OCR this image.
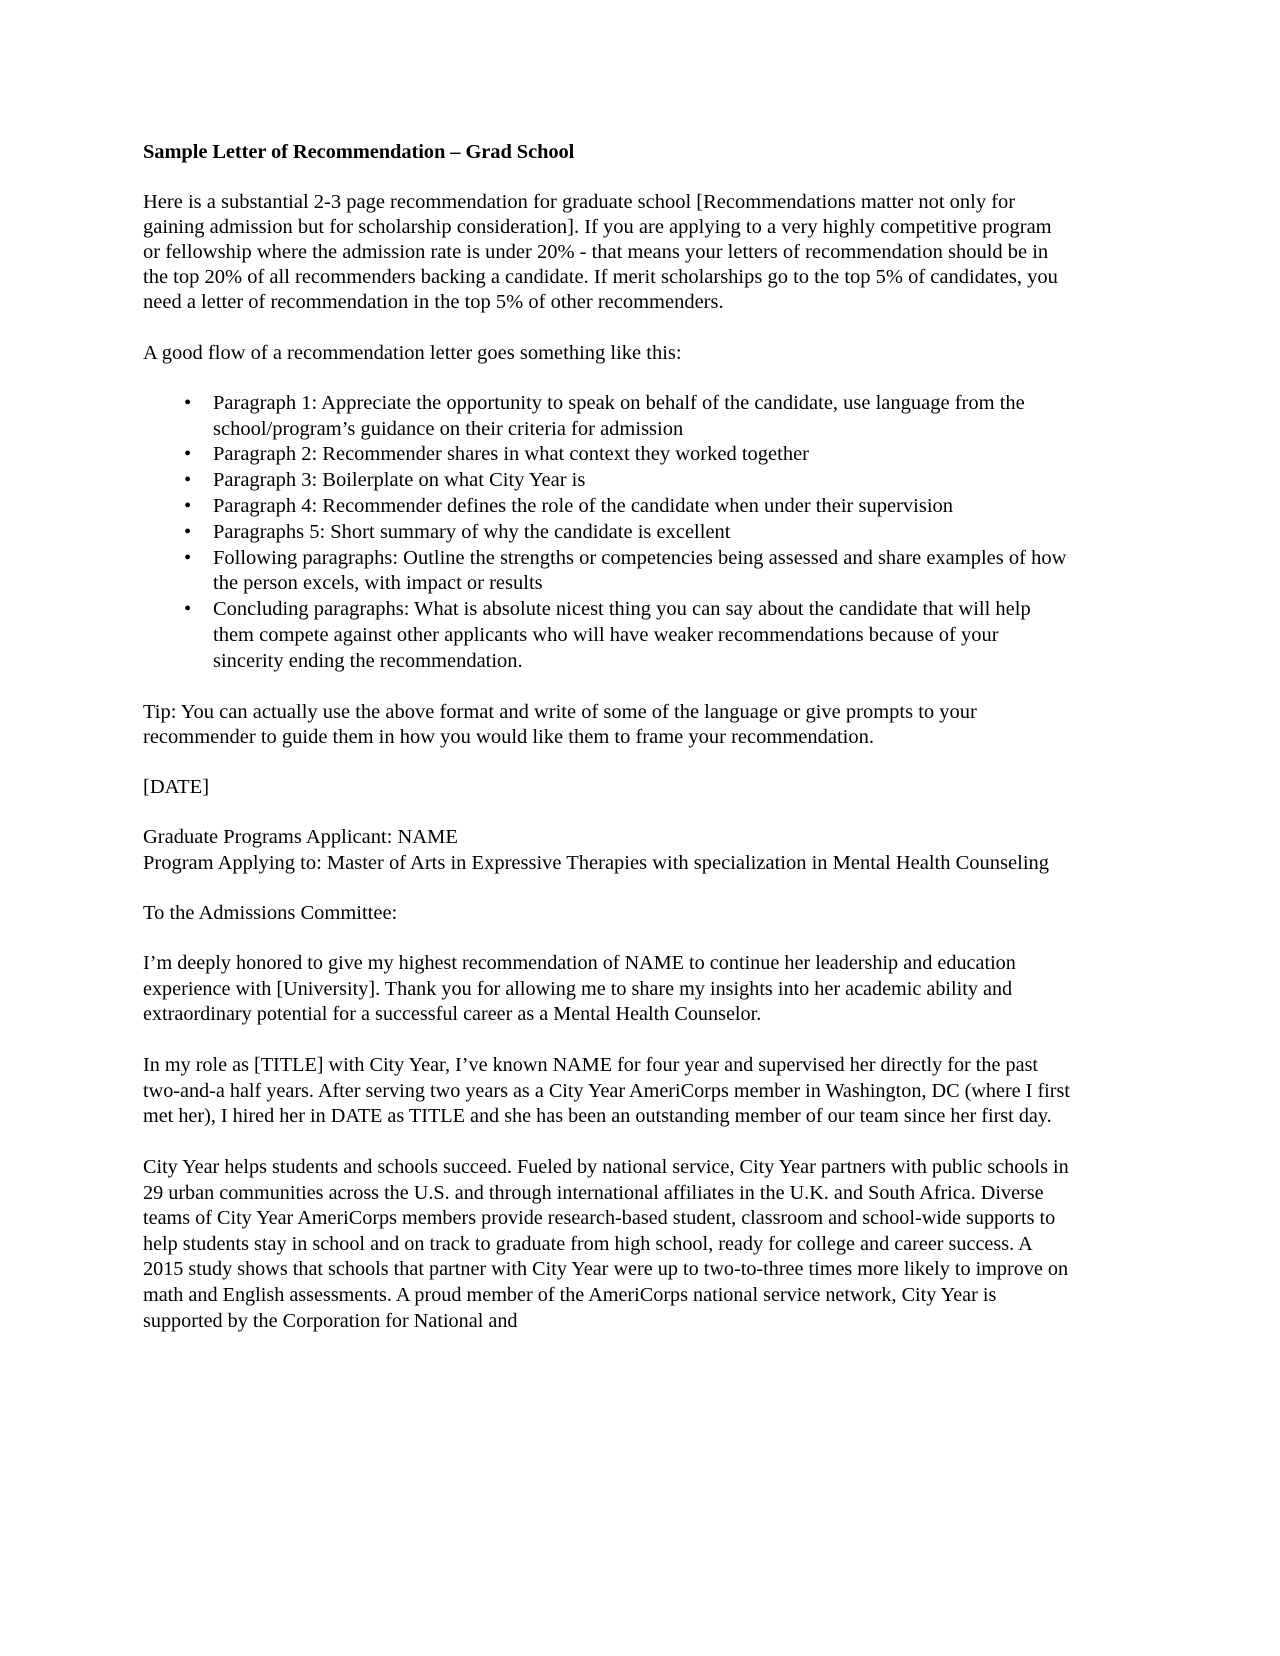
Sample Letter of Recommendation – Grad School

Here is a substantial 2-3 page recommendation for graduate school [Recommendations matter not only for gaining admission but for scholarship consideration]. If you are applying to a very highly competitive program or fellowship where the admission rate is under 20% - that means your letters of recommendation should be in the top 20% of all recommenders backing a candidate. If merit scholarships go to the top 5% of candidates, you need a letter of recommendation in the top 5% of other recommenders.

A good flow of a recommendation letter goes something like this:

• Paragraph 1: Appreciate the opportunity to speak on behalf of the candidate, use language from the school/program’s guidance on their criteria for admission
• Paragraph 2: Recommender shares in what context they worked together
• Paragraph 3: Boilerplate on what City Year is
• Paragraph 4: Recommender defines the role of the candidate when under their supervision
• Paragraphs 5: Short summary of why the candidate is excellent
• Following paragraphs: Outline the strengths or competencies being assessed and share examples of how the person excels, with impact or results
• Concluding paragraphs: What is absolute nicest thing you can say about the candidate that will help them compete against other applicants who will have weaker recommendations because of your sincerity ending the recommendation.

Tip: You can actually use the above format and write of some of the language or give prompts to your recommender to guide them in how you would like them to frame your recommendation.

[DATE]

Graduate Programs Applicant: NAME

Program Applying to: Master of Arts in Expressive Therapies with specialization in Mental Health Counseling

To the Admissions Committee:

I’m deeply honored to give my highest recommendation of NAME to continue her leadership and education experience with [University]. Thank you for allowing me to share my insights into her academic ability and extraordinary potential for a successful career as a Mental Health Counselor.

In my role as [TITLE] with City Year, I’ve known NAME for four year and supervised her directly for the past two-and-a half years. After serving two years as a City Year AmeriCorps member in Washington, DC (where I first met her), I hired her in DATE as TITLE and she has been an outstanding member of our team since her first day.

City Year helps students and schools succeed. Fueled by national service, City Year partners with public schools in 29 urban communities across the U.S. and through international affiliates in the U.K. and South Africa. Diverse teams of City Year AmeriCorps members provide research-based student, classroom and school-wide supports to help students stay in school and on track to graduate from high school, ready for college and career success. A 2015 study shows that schools that partner with City Year were up to two-to-three times more likely to improve on math and English assessments. A proud member of the AmeriCorps national service network, City Year is supported by the Corporation for National and
